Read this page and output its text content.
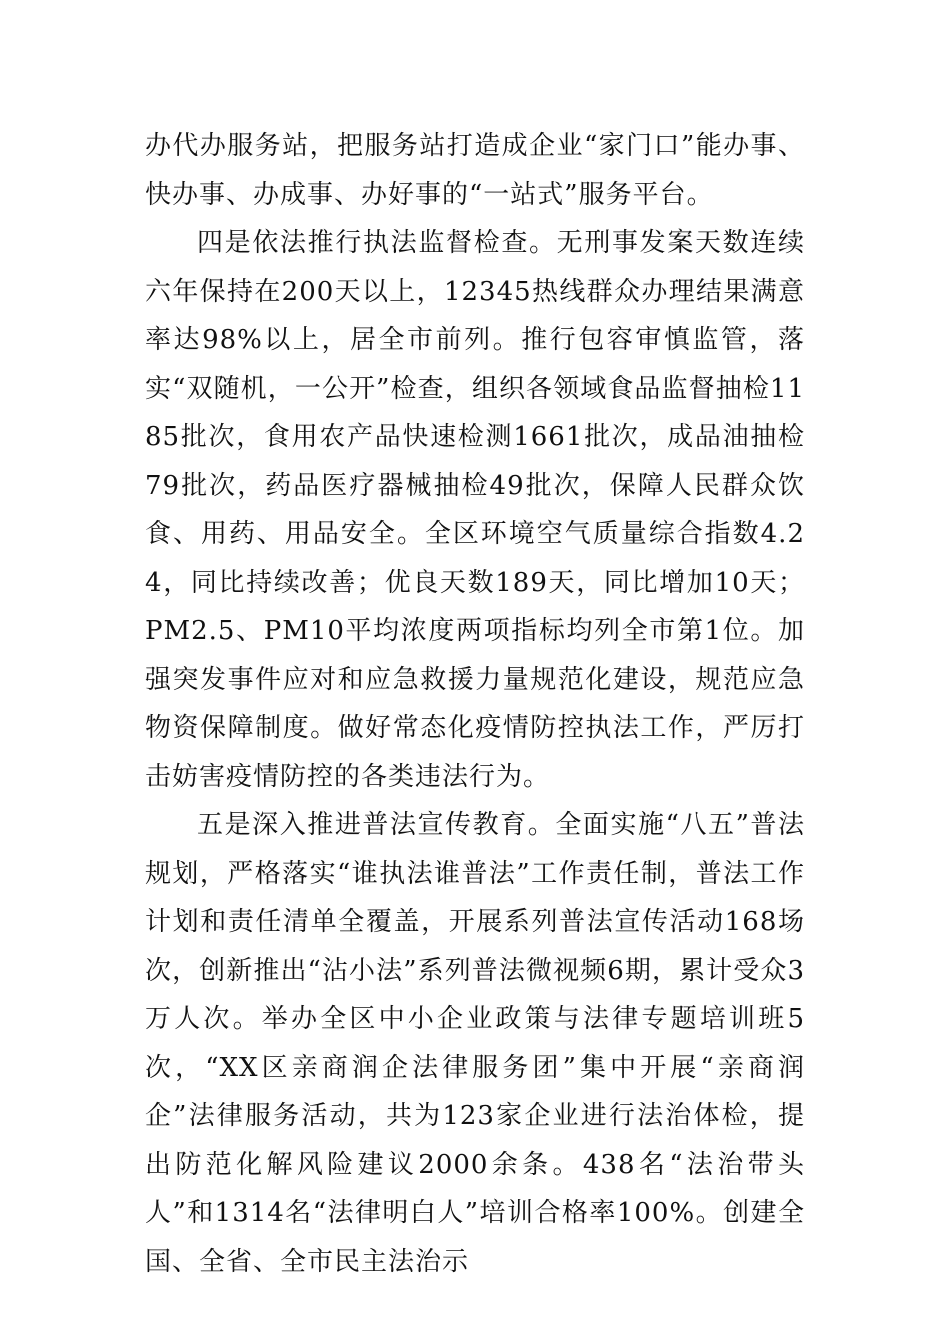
办代办服务站，把服务站打造成企业“家门口”能办事、快办事、办成事、办好事的“一站式”服务平台。

四是依法推行执法监督检查。无刑事发案天数连续六年保持在200天以上，12345热线群众办理结果满意率达98%以上，居全市前列。推行包容审慎监管，落实“双随机，一公开”检查，组织各领域食品监督抽检1185批次，食用农产品快速检测1661批次，成品油抽检79批次，药品医疗器械抽检49批次，保障人民群众饮食、用药、用品安全。全区环境空气质量综合指数4.24，同比持续改善；优良天数189天，同比增加10天；PM2.5、PM10平均浓度两项指标均列全市第1位。加强突发事件应对和应急救援力量规范化建设，规范应急物资保障制度。做好常态化疫情防控执法工作，严厉打击妨害疫情防控的各类违法行为。

五是深入推进普法宣传教育。全面实施“八五”普法规划，严格落实“谁执法谁普法”工作责任制，普法工作计划和责任清单全覆盖，开展系列普法宣传活动168场次，创新推出“沾小法”系列普法微视频6期，累计受众3万人次。举办全区中小企业政策与法律专题培训班5次，“XX区亲商润企法律服务团”集中开展“亲商润企”法律服务活动，共为123家企业进行法治体检，提出防范化解风险建议2000余条。438名“法治带头人”和1314名“法律明白人”培训合格率100%。创建全国、全省、全市民主法治示
